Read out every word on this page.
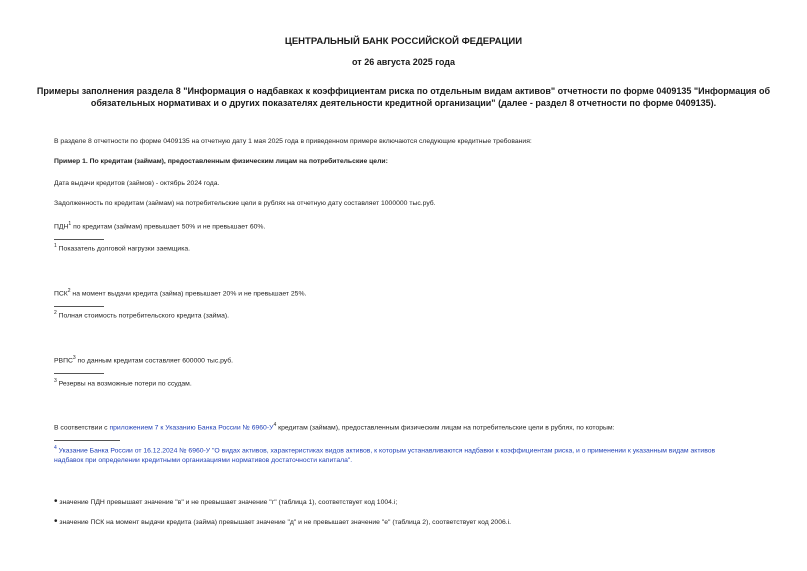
ЦЕНТРАЛЬНЫЙ БАНК РОССИЙСКОЙ ФЕДЕРАЦИИ
от 26 августа 2025 года
Примеры заполнения раздела 8 "Информация о надбавках к коэффициентам риска по отдельным видам активов" отчетности по форме 0409135 "Информация об
обязательных нормативах и о других показателях деятельности кредитной организации" (далее - раздел 8 отчетности по форме 0409135).
В разделе 8 отчетности по форме 0409135 на отчетную дату 1 мая 2025 года в приведенном примере включаются следующие кредитные требования:
Пример 1. По кредитам (займам), предоставленным физическим лицам на потребительские цели:
Дата выдачи кредитов (займов) - октябрь 2024 года.
Задолженность по кредитам (займам) на потребительские цели в рублях на отчетную дату составляет 1000000 тыс.руб.
ПДН$^1$ по кредитам (займам) превышает 50% и не превышает 60%.
$^1$ Показатель долговой нагрузки заемщика.
ПСК$^2$ на момент выдачи кредита (займа) превышает 20% и не превышает 25%.
$^2$ Полная стоимость потребительского кредита (займа).
РВПС$^3$ по данным кредитам составляет 600000 тыс.руб.
$^3$ Резервы на возможные потери по ссудам.
В соответствии с приложением 7 к Указанию Банка России № 6960-У$^4$ кредитам (займам), предоставленным физическим лицам на потребительские цели в рублях, по которым:
$^4$ Указание Банка России от 16.12.2024 № 6960-У "О видах активов, характеристиках видов активов, к которым устанавливаются надбавки к коэффициентам риска, и о применении к указанным видам активов
надбавок при определении кредитными организациями нормативов достаточности капитала".
• значение ПДН превышает значение "в" и не превышает значение "г" (таблица 1), соответствует код 1004.i;
• значение ПСК на момент выдачи кредита (займа) превышает значение "д" и не превышает значение "е" (таблица 2), соответствует код 2006.i.
